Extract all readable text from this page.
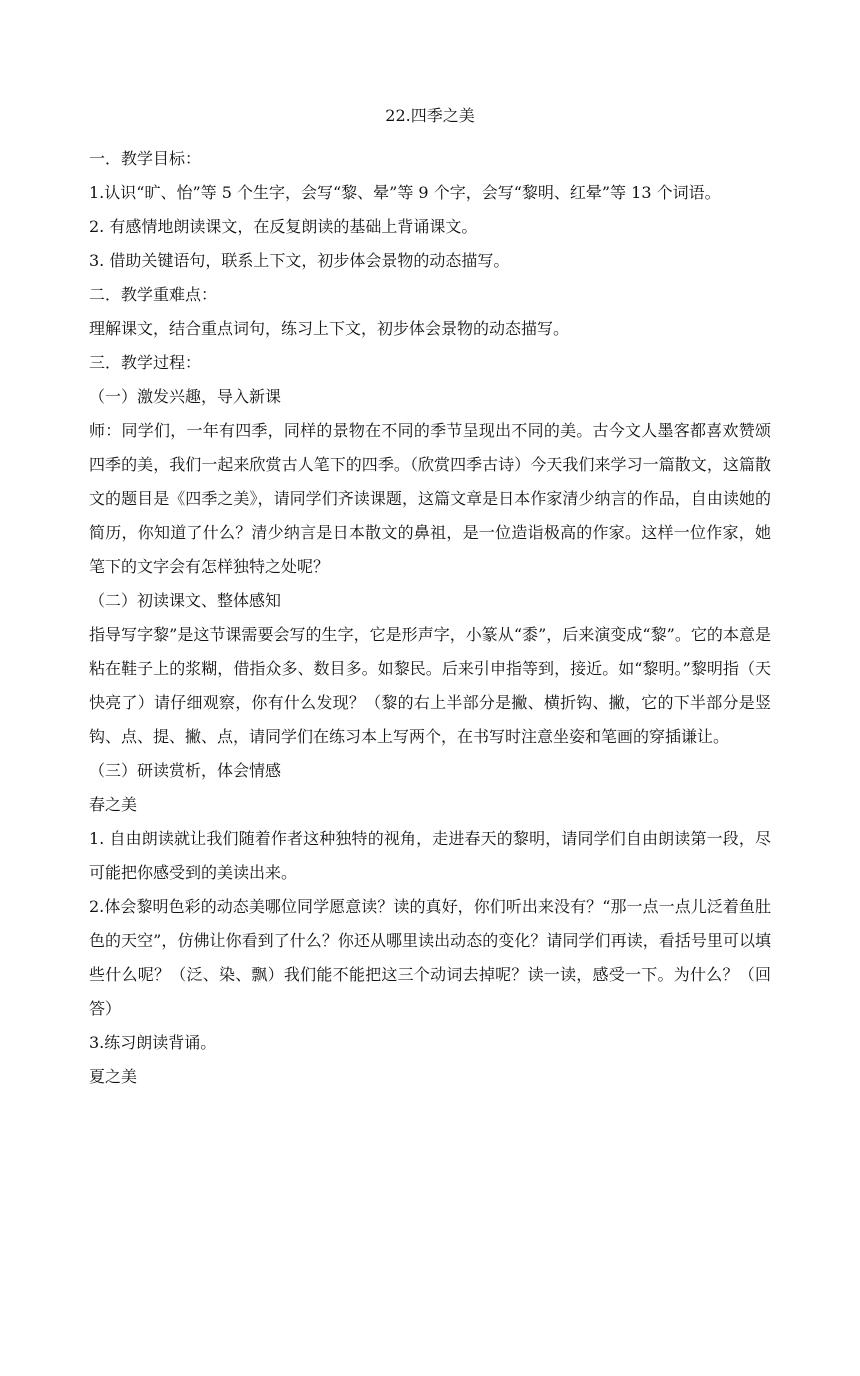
22.四季之美

一．教学目标：

1.认识“旷、怡”等 5 个生字，会写“黎、晕”等 9 个字，会写“黎明、红晕”等 13 个词语。

2. 有感情地朗读课文，在反复朗读的基础上背诵课文。

3. 借助关键语句，联系上下文，初步体会景物的动态描写。

二．教学重难点：

理解课文，结合重点词句，练习上下文，初步体会景物的动态描写。

三．教学过程：

（一）激发兴趣，导入新课

师：同学们，一年有四季，同样的景物在不同的季节呈现出不同的美。古今文人墨客都喜欢赞颂四季的美，我们一起来欣赏古人笔下的四季。（欣赏四季古诗）今天我们来学习一篇散文，这篇散文的题目是《四季之美》，请同学们齐读课题，这篇文章是日本作家清少纳言的作品，自由读她的简历，你知道了什么？清少纳言是日本散文的鼻祖，是一位造诣极高的作家。这样一位作家，她笔下的文字会有怎样独特之处呢？

（二）初读课文、整体感知

指导写字黎”是这节课需要会写的生字，它是形声字，小篆从“黍”，后来演变成“黎”。它的本意是粘在鞋子上的浆糊，借指众多、数目多。如黎民。后来引申指等到，接近。如“黎明。”黎明指（天快亮了）请仔细观察，你有什么发现？（黎的右上半部分是撇、横折钩、撇，它的下半部分是竖钩、点、提、撇、点，请同学们在练习本上写两个，在书写时注意坐姿和笔画的穿插谦让。

（三）研读赏析，体会情感

春之美

1. 自由朗读就让我们随着作者这种独特的视角，走进春天的黎明，请同学们自由朗读第一段，尽可能把你感受到的美读出来。

2.体会黎明色彩的动态美哪位同学愿意读？读的真好，你们听出来没有？“那一点一点儿泛着鱼肚色的天空”，仿佛让你看到了什么？你还从哪里读出动态的变化？请同学们再读，看括号里可以填些什么呢？（泛、染、飘）我们能不能把这三个动词去掉呢？读一读，感受一下。为什么？（回答）

3.练习朗读背诵。

夏之美
